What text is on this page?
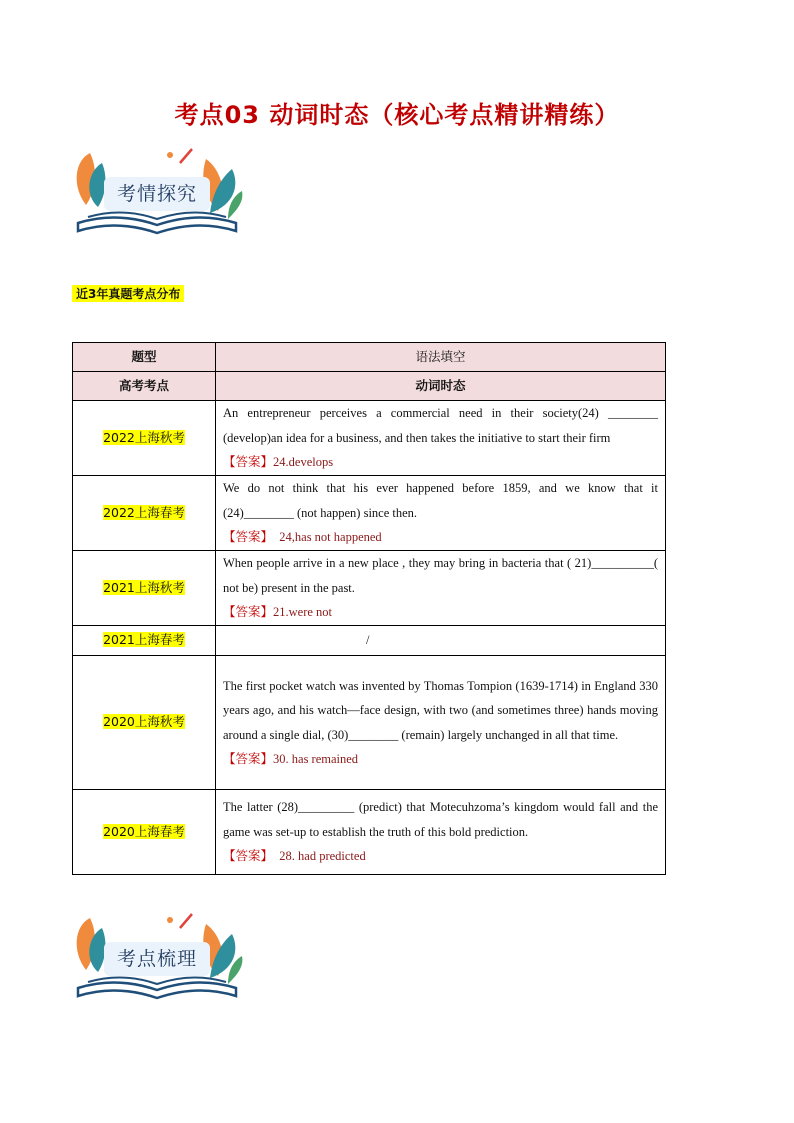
考点03 动词时态（核心考点精讲精练）
考情探究
近3年真题考点分布
题型	语法填空
高考考点	动词时态
2022上海秋考	An entrepreneur perceives a commercial need in their society(24) ________ (develop)an idea for a business, and then takes the initiative to start their firm
【答案】24.develops

2022上海春考	We do not think that his ever happened before 1859, and we know that it (24)________ (not happen) since then.
【答案】 24,has not happened

2021上海秋考	When people arrive in a new place , they may bring in bacteria that ( 21)__________( not be) present in the past.
【答案】21.were not

2021上海春考	/
2020上海秋考	The first pocket watch was invented by Thomas Tompion (1639-1714) in England 330 years ago, and his watch—face design, with two (and sometimes three) hands moving around a single dial, (30)________ (remain) largely unchanged in all that time.
【答案】30. has remained

2020上海春考	The latter (28)_________ (predict) that Motecuhzoma’s kingdom would fall and the game was set-up to establish the truth of this bold prediction.
【答案】 28. had predicted
考点梳理
